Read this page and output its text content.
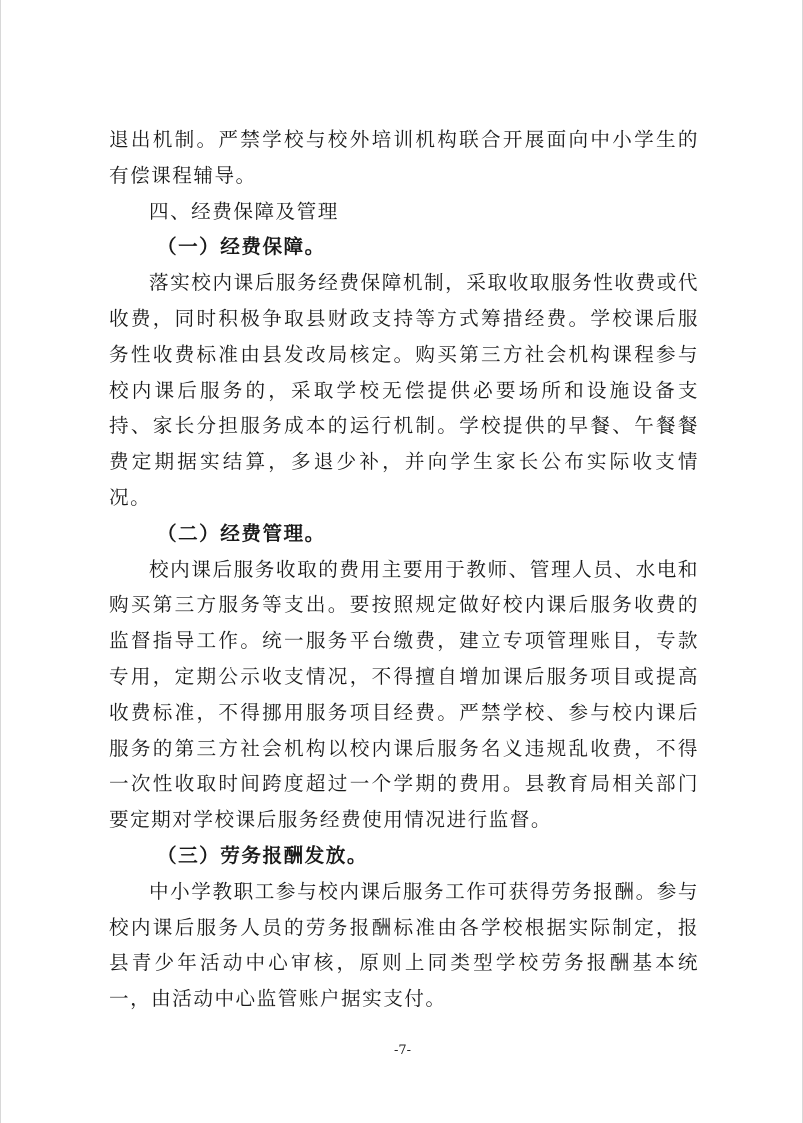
退出机制。严禁学校与校外培训机构联合开展面向中小学生的有偿课程辅导。

四、经费保障及管理

（一）经费保障。

落实校内课后服务经费保障机制，采取收取服务性收费或代收费，同时积极争取县财政支持等方式筹措经费。学校课后服务性收费标准由县发改局核定。购买第三方社会机构课程参与校内课后服务的，采取学校无偿提供必要场所和设施设备支持、家长分担服务成本的运行机制。学校提供的早餐、午餐餐费定期据实结算，多退少补，并向学生家长公布实际收支情况。

（二）经费管理。

校内课后服务收取的费用主要用于教师、管理人员、水电和购买第三方服务等支出。要按照规定做好校内课后服务收费的监督指导工作。统一服务平台缴费，建立专项管理账目，专款专用，定期公示收支情况，不得擅自增加课后服务项目或提高收费标准，不得挪用服务项目经费。严禁学校、参与校内课后服务的第三方社会机构以校内课后服务名义违规乱收费，不得一次性收取时间跨度超过一个学期的费用。县教育局相关部门要定期对学校课后服务经费使用情况进行监督。

（三）劳务报酬发放。

中小学教职工参与校内课后服务工作可获得劳务报酬。参与校内课后服务人员的劳务报酬标准由各学校根据实际制定，报县青少年活动中心审核，原则上同类型学校劳务报酬基本统一，由活动中心监管账户据实支付。

-7-
